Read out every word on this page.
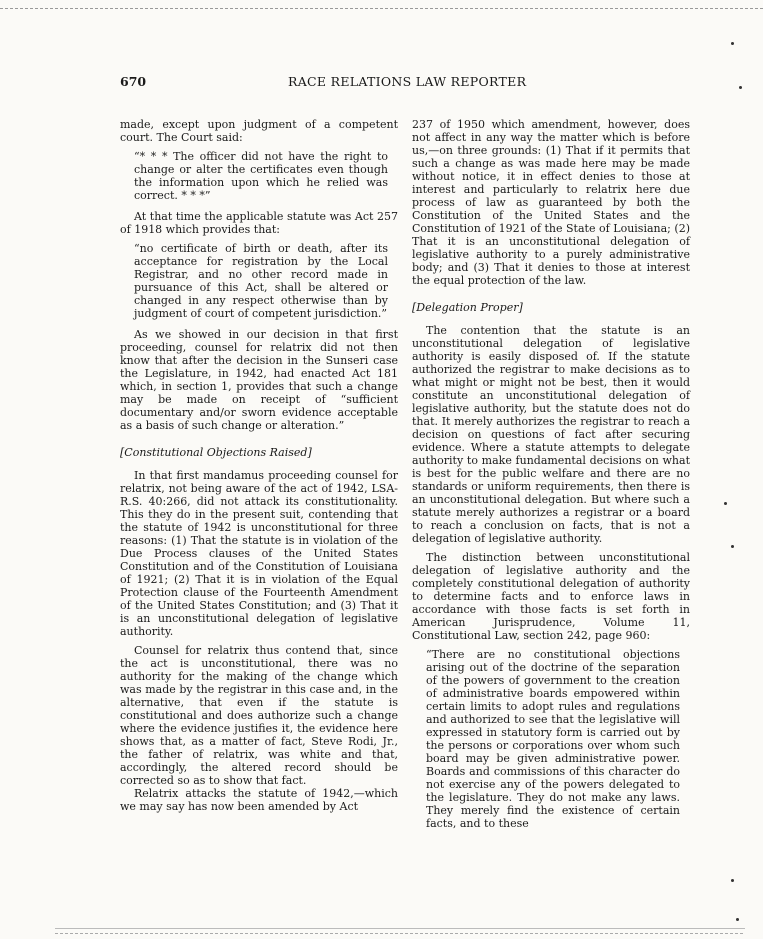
670	RACE RELATIONS LAW REPORTER

made, except upon judgment of a competent court. The Court said:

“* * * The officer did not have the right to change or alter the certificates even though the information upon which he relied was correct. * * *”

At that time the applicable statute was Act 257 of 1918 which provides that:

“no certificate of birth or death, after its acceptance for registration by the Local Registrar, and no other record made in pursuance of this Act, shall be altered or changed in any respect otherwise than by judgment of court of competent jurisdiction.”

As we showed in our decision in that first proceeding, counsel for relatrix did not then know that after the decision in the Sunseri case the Legislature, in 1942, had enacted Act 181 which, in section 1, provides that such a change may be made on receipt of “sufficient documentary and/or sworn evidence acceptable as a basis of such change or alteration.”

[Constitutional Objections Raised]

In that first mandamus proceeding counsel for relatrix, not being aware of the act of 1942, LSA-R.S. 40:266, did not attack its constitutionality. This they do in the present suit, contending that the statute of 1942 is unconstitutional for three reasons: (1) That the statute is in violation of the Due Process clauses of the United States Constitution and of the Constitution of Louisiana of 1921; (2) That it is in violation of the Equal Protection clause of the Fourteenth Amendment of the United States Constitution; and (3) That it is an unconstitutional delegation of legislative authority.

Counsel for relatrix thus contend that, since the act is unconstitutional, there was no authority for the making of the change which was made by the registrar in this case and, in the alternative, that even if the statute is constitutional and does authorize such a change where the evidence justifies it, the evidence here shows that, as a matter of fact, Steve Rodi, Jr., the father of relatrix, was white and that, accordingly, the altered record should be corrected so as to show that fact.

Relatrix attacks the statute of 1942,—which we may say has now been amended by Act

237 of 1950 which amendment, however, does not affect in any way the matter which is before us,—on three grounds: (1) That if it permits that such a change as was made here may be made without notice, it in effect denies to those at interest and particularly to relatrix here due process of law as guaranteed by both the Constitution of the United States and the Constitution of 1921 of the State of Louisiana; (2) That it is an unconstitutional delegation of legislative authority to a purely administrative body; and (3) That it denies to those at interest the equal protection of the law.

[Delegation Proper]

The contention that the statute is an unconstitutional delegation of legislative authority is easily disposed of. If the statute authorized the registrar to make decisions as to what might or might not be best, then it would constitute an unconstitutional delegation of legislative authority, but the statute does not do that. It merely authorizes the registrar to reach a decision on questions of fact after securing evidence. Where a statute attempts to delegate authority to make fundamental decisions on what is best for the public welfare and there are no standards or uniform requirements, then there is an unconstitutional delegation. But where such a statute merely authorizes a registrar or a board to reach a conclusion on facts, that is not a delegation of legislative authority.

The distinction between unconstitutional delegation of legislative authority and the completely constitutional delegation of authority to determine facts and to enforce laws in accordance with those facts is set forth in American Jurisprudence, Volume 11, Constitutional Law, section 242, page 960:

“There are no constitutional objections arising out of the doctrine of the separation of the powers of government to the creation of administrative boards empowered within certain limits to adopt rules and regulations and authorized to see that the legislative will expressed in statutory form is carried out by the persons or corporations over whom such board may be given administrative power. Boards and commissions of this character do not exercise any of the powers delegated to the legislature. They do not make any laws. They merely find the existence of certain facts, and to these
